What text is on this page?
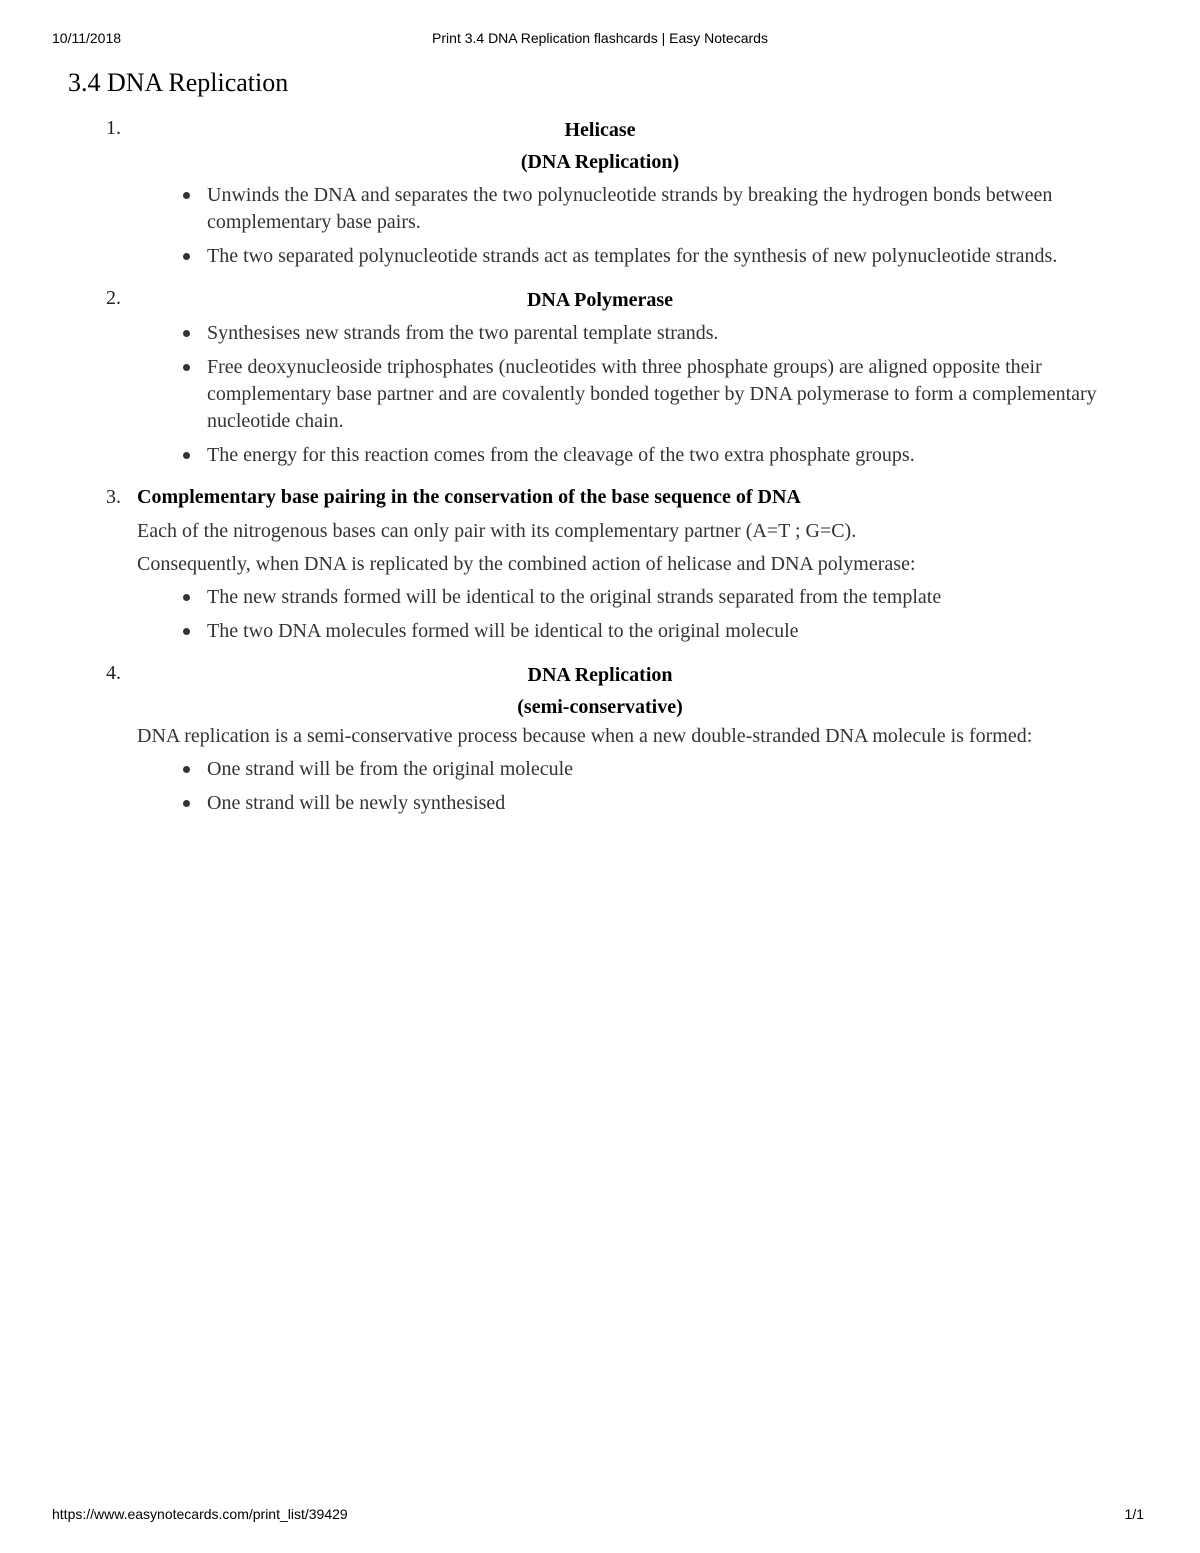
10/11/2018	Print 3.4 DNA Replication flashcards | Easy Notecards
3.4 DNA Replication
1.	Helicase
(DNA Replication)
Unwinds the DNA and separates the two polynucleotide strands by breaking the hydrogen bonds between complementary base pairs.
The two separated polynucleotide strands act as templates for the synthesis of new polynucleotide strands.
2.	DNA Polymerase
Synthesises new strands from the two parental template strands.
Free deoxynucleoside triphosphates (nucleotides with three phosphate groups) are aligned opposite their complementary base partner and are covalently bonded together by DNA polymerase to form a complementary nucleotide chain.
The energy for this reaction comes from the cleavage of the two extra phosphate groups.
3. Complementary base pairing in the conservation of the base sequence of DNA

Each of the nitrogenous bases can only pair with its complementary partner (A=T ; G=C).

Consequently, when DNA is replicated by the combined action of helicase and DNA polymerase:

The new strands formed will be identical to the original strands separated from the template
The two DNA molecules formed will be identical to the original molecule
4.	DNA Replication
(semi-conservative)

DNA replication is a semi-conservative process because when a new double-stranded DNA molecule is formed:

One strand will be from the original molecule
One strand will be newly synthesised
https://www.easynotecards.com/print_list/39429	1/1
